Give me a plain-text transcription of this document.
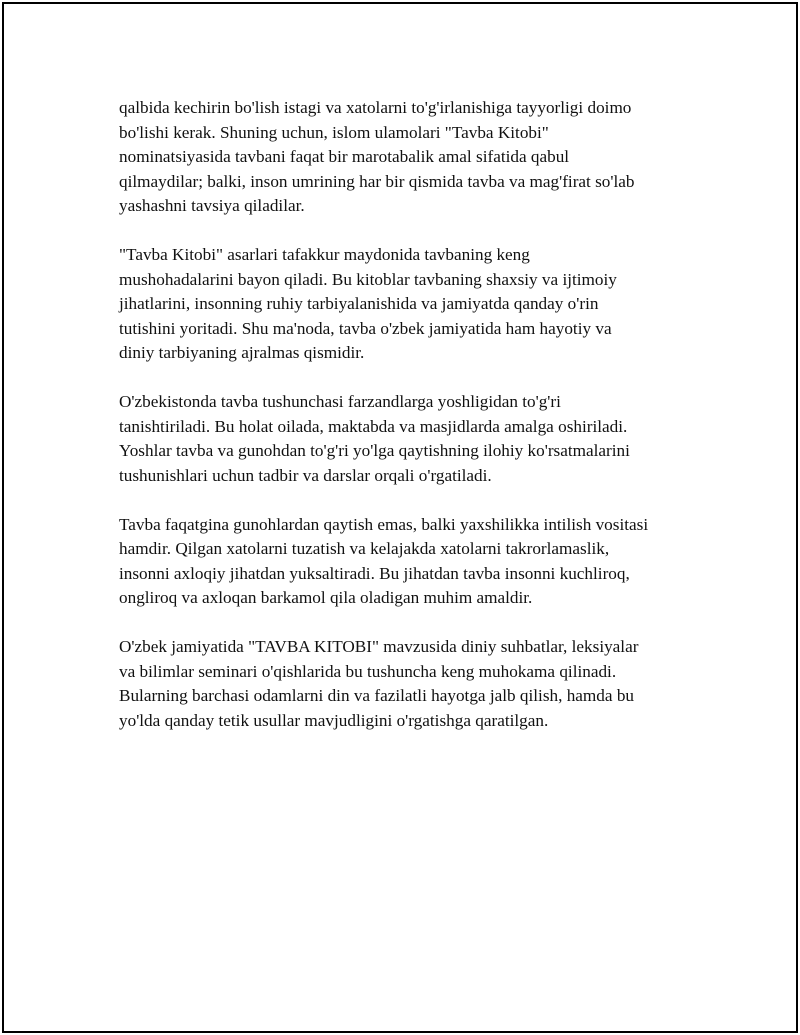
qalbida kechirin bo'lish istagi va xatolarni to'g'irlanishiga tayyorligi doimo
bo'lishi kerak. Shuning uchun, islom ulamolari "Tavba Kitobi"
nominatsiyasida tavbani faqat bir marotabalik amal sifatida qabul
qilmaydilar; balki, inson umrining har bir qismida tavba va mag'firat so'lab
yashashni tavsiya qiladilar.

"Tavba Kitobi" asarlari tafakkur maydonida tavbaning keng
mushohadalarini bayon qiladi. Bu kitoblar tavbaning shaxsiy va ijtimoiy
jihatlarini, insonning ruhiy tarbiyalanishida va jamiyatda qanday o'rin
tutishini yoritadi. Shu ma'noda, tavba o'zbek jamiyatida ham hayotiy va
diniy tarbiyaning ajralmas qismidir.

O'zbekistonda tavba tushunchasi farzandlarga yoshligidan to'g'ri
tanishtiriladi. Bu holat oilada, maktabda va masjidlarda amalga oshiriladi.
Yoshlar tavba va gunohdan to'g'ri yo'lga qaytishning ilohiy ko'rsatmalarini
tushunishlari uchun tadbir va darslar orqali o'rgatiladi.

Tavba faqatgina gunohlardan qaytish emas, balki yaxshilikka intilish vositasi
hamdir. Qilgan xatolarni tuzatish va kelajakda xatolarni takrorlamaslik,
insonni axloqiy jihatdan yuksaltiradi. Bu jihatdan tavba insonni kuchliroq,
ongliroq va axloqan barkamol qila oladigan muhim amaldir.

O'zbek jamiyatida "TAVBA KITOBI" mavzusida diniy suhbatlar, leksiyalar
va bilimlar seminari o'qishlarida bu tushuncha keng muhokama qilinadi.
Bularning barchasi odamlarni din va fazilatli hayotga jalb qilish, hamda bu
yo'lda qanday tetik usullar mavjudligini o'rgatishga qaratilgan.
